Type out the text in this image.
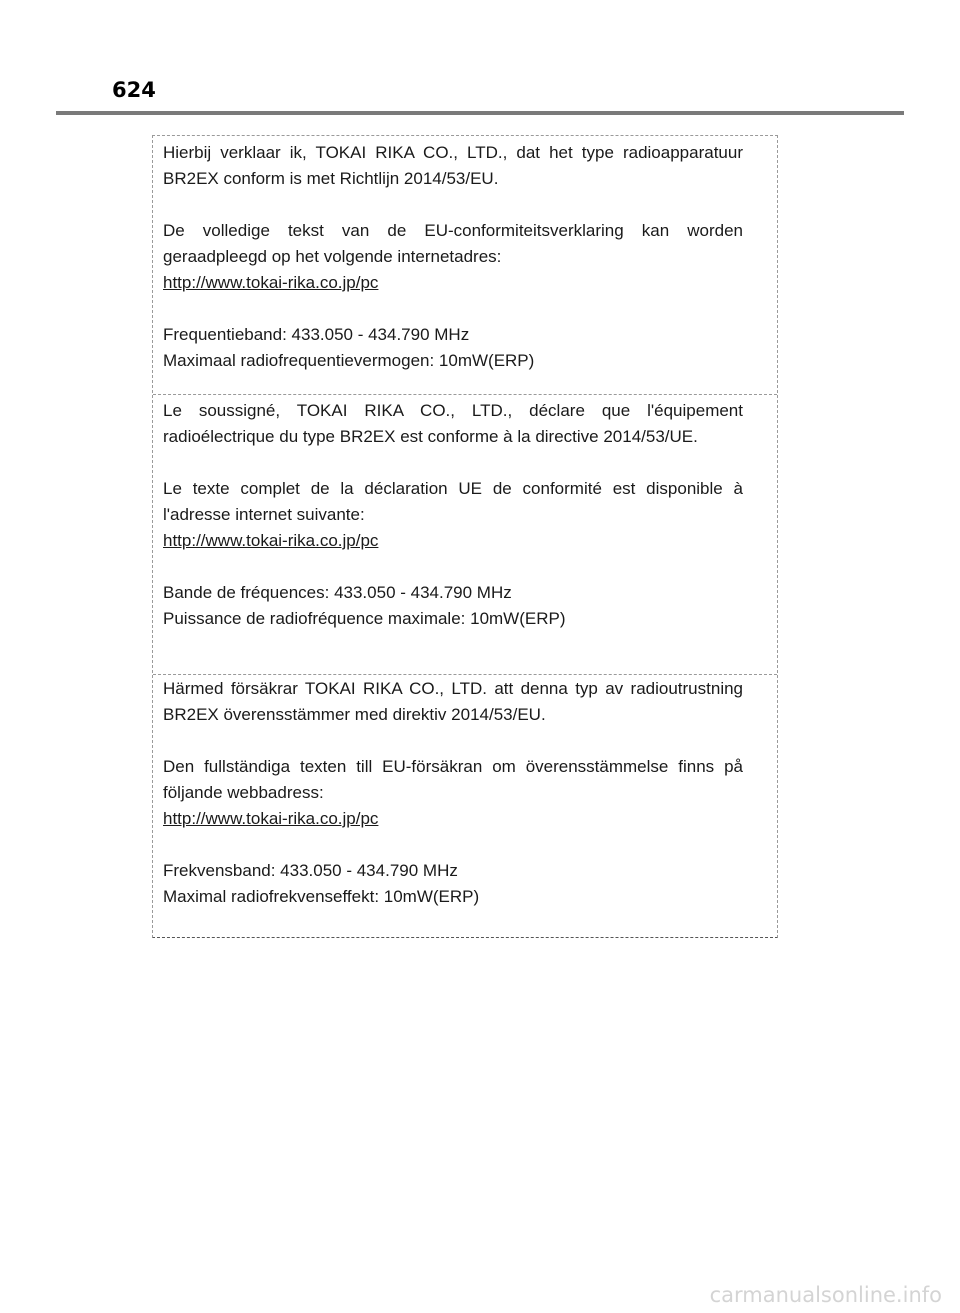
624

Hierbij verklaar ik, TOKAI RIKA CO., LTD., dat het type radioapparatuur BR2EX conform is met Richtlijn 2014/53/EU.

De volledige tekst van de EU-conformiteitsverklaring kan worden geraadpleegd op het volgende internetadres:

http://www.tokai-rika.co.jp/pc

Frequentieband: 433.050 - 434.790 MHz

Maximaal radiofrequentievermogen: 10mW(ERP)

Le soussigné, TOKAI RIKA CO., LTD., déclare que l'équipement radioélectrique du type BR2EX est conforme à la directive 2014/53/UE.

Le texte complet de la déclaration UE de conformité est disponible à l'adresse internet suivante:

http://www.tokai-rika.co.jp/pc

Bande de fréquences: 433.050 - 434.790 MHz

Puissance de radiofréquence maximale: 10mW(ERP)

Härmed försäkrar TOKAI RIKA CO., LTD. att denna typ av radioutrustning BR2EX överensstämmer med direktiv 2014/53/EU.

Den fullständiga texten till EU-försäkran om överensstämmelse finns på följande webbadress:

http://www.tokai-rika.co.jp/pc

Frekvensband: 433.050 - 434.790 MHz

Maximal radiofrekvenseffekt: 10mW(ERP)

carmanualsonline.info
